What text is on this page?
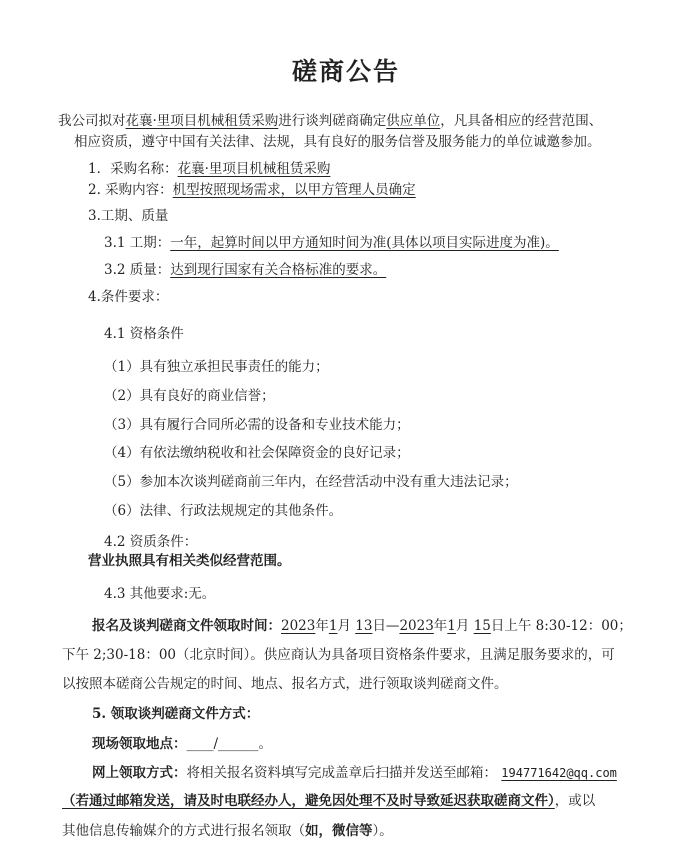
磋商公告
我公司拟对花襄·里项目机械租赁采购进行谈判磋商确定供应单位，凡具备相应的经营范围、
相应资质，遵守中国有关法律、法规，具有良好的服务信誉及服务能力的单位诚邀参加。
1．采购名称：花襄·里项目机械租赁采购
2. 采购内容：机型按照现场需求，以甲方管理人员确定
3.工期、质量
3.1 工期：一年，起算时间以甲方通知时间为准(具体以项目实际进度为准)。
3.2 质量：达到现行国家有关合格标准的要求。
4.条件要求：
4.1 资格条件
（1）具有独立承担民事责任的能力；
（2）具有良好的商业信誉；
（3）具有履行合同所必需的设备和专业技术能力；
（4）有依法缴纳税收和社会保障资金的良好记录；
（5）参加本次谈判磋商前三年内，在经营活动中没有重大违法记录；
（6）法律、行政法规规定的其他条件。
4.2 资质条件：
营业执照具有相关类似经营范围。
4.3 其他要求:无。
报名及谈判磋商文件领取时间：2023年1月 13日—2023年1月 15日上午 8:30-12：00；
下午 2;30-18：00（北京时间）。供应商认为具备项目资格条件要求，且满足服务要求的，可
以按照本磋商公告规定的时间、地点、报名方式，进行领取谈判磋商文件。
5. 领取谈判磋商文件方式：
现场领取地点：____/______。
网上领取方式：将相关报名资料填写完成盖章后扫描并发送至邮箱： 194771642@qq.com
（若通过邮箱发送，请及时电联经办人，避免因处理不及时导致延迟获取磋商文件），或以
其他信息传输媒介的方式进行报名领取（如，微信等）。
